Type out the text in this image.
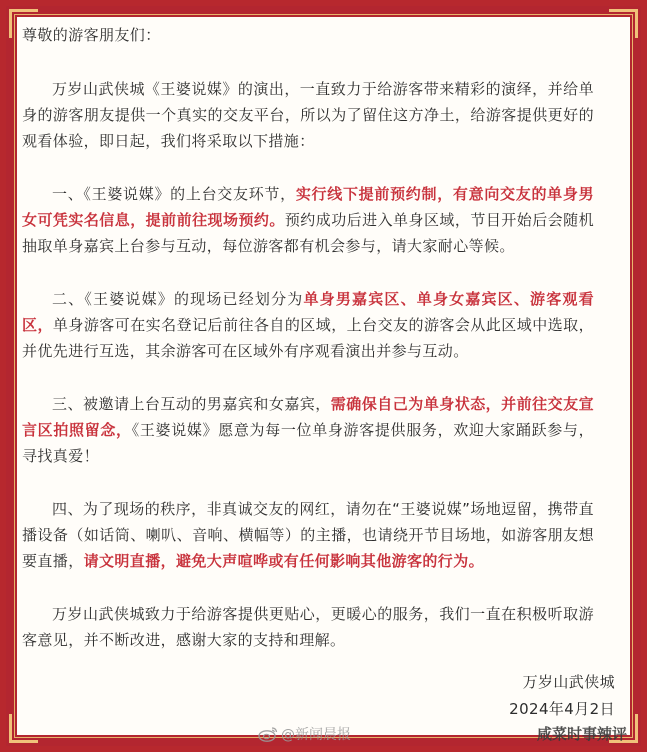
尊敬的游客朋友们：

万岁山武侠城《王婆说媒》的演出，一直致力于给游客带来精彩的演绎，并给单身的游客朋友提供一个真实的交友平台，所以为了留住这方净土，给游客提供更好的观看体验，即日起，我们将采取以下措施：

一、《王婆说媒》的上台交友环节，实行线下提前预约制，有意向交友的单身男女可凭实名信息，提前前往现场预约。预约成功后进入单身区域，节目开始后会随机抽取单身嘉宾上台参与互动，每位游客都有机会参与，请大家耐心等候。

二、《王婆说媒》的现场已经划分为单身男嘉宾区、单身女嘉宾区、游客观看区，单身游客可在实名登记后前往各自的区域，上台交友的游客会从此区域中选取，并优先进行互选，其余游客可在区域外有序观看演出并参与互动。

三、被邀请上台互动的男嘉宾和女嘉宾，需确保自己为单身状态，并前往交友宣言区拍照留念，《王婆说媒》愿意为每一位单身游客提供服务，欢迎大家踊跃参与，寻找真爱！

四、为了现场的秩序，非真诚交友的网红，请勿在“王婆说媒”场地逗留，携带直播设备（如话筒、喇叭、音响、横幅等）的主播，也请绕开节目场地，如游客朋友想要直播，请文明直播，避免大声喧哗或有任何影响其他游客的行为。

万岁山武侠城致力于给游客提供更贴心，更暖心的服务，我们一直在积极听取游客意见，并不断改进，感谢大家的支持和理解。

万岁山武侠城
2024年4月2日
@新闻晨报	咸菜时事辣评
